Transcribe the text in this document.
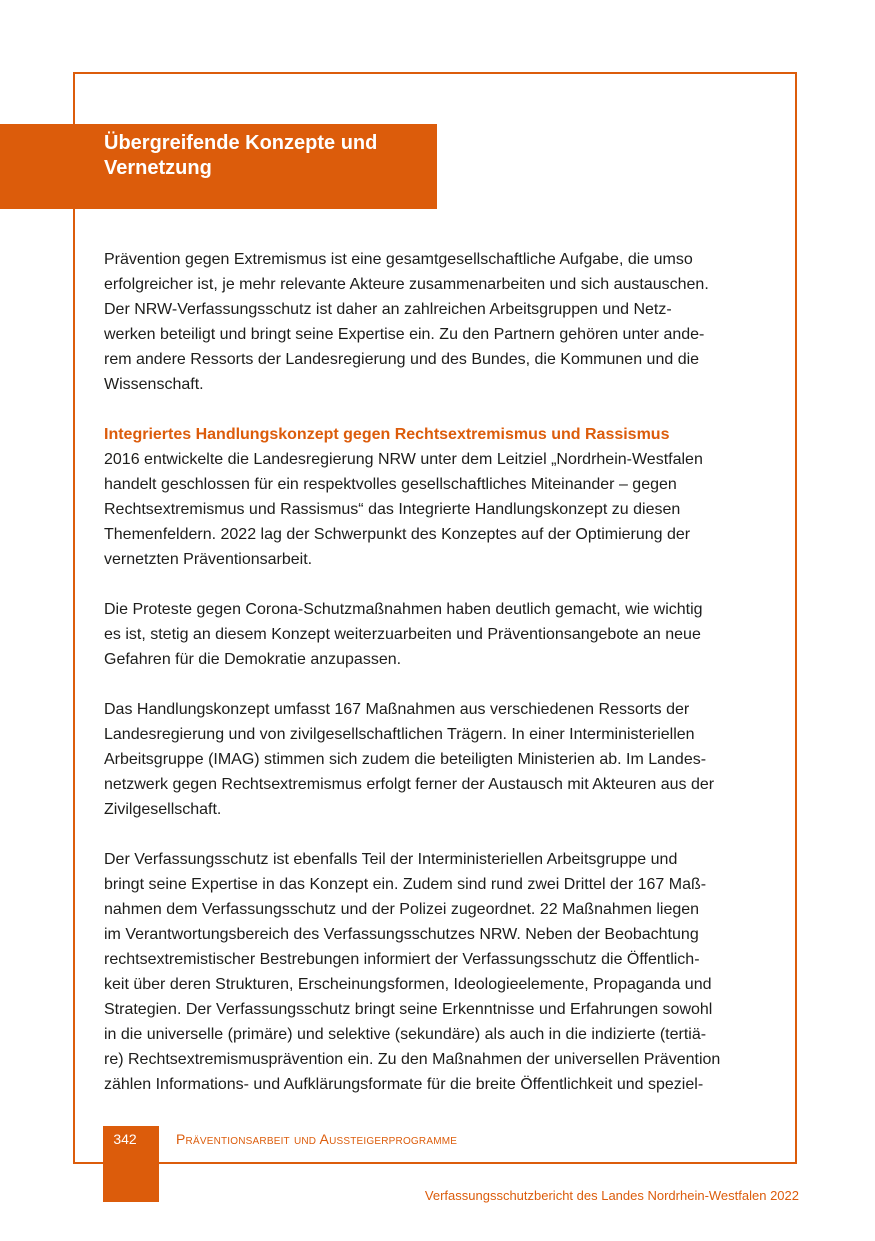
Übergreifende Konzepte und Vernetzung

Prävention gegen Extremismus ist eine gesamtgesellschaftliche Aufgabe, die umso
erfolgreicher ist, je mehr relevante Akteure zusammenarbeiten und sich austauschen.
Der NRW-Verfassungsschutz ist daher an zahlreichen Arbeitsgruppen und Netz-
werken beteiligt und bringt seine Expertise ein. Zu den Partnern gehören unter ande-
rem andere Ressorts der Landesregierung und des Bundes, die Kommunen und die
Wissenschaft.

Integriertes Handlungskonzept gegen Rechtsextremismus und Rassismus
2016 entwickelte die Landesregierung NRW unter dem Leitziel „Nordrhein-Westfalen
handelt geschlossen für ein respektvolles gesellschaftliches Miteinander – gegen
Rechtsextremismus und Rassismus“ das Integrierte Handlungskonzept zu diesen
Themenfeldern. 2022 lag der Schwerpunkt des Konzeptes auf der Optimierung der
vernetzten Präventionsarbeit.

Die Proteste gegen Corona-Schutzmaßnahmen haben deutlich gemacht, wie wichtig
es ist, stetig an diesem Konzept weiterzuarbeiten und Präventionsangebote an neue
Gefahren für die Demokratie anzupassen.

Das Handlungskonzept umfasst 167 Maßnahmen aus verschiedenen Ressorts der
Landesregierung und von zivilgesellschaftlichen Trägern. In einer Interministeriellen
Arbeitsgruppe (IMAG) stimmen sich zudem die beteiligten Ministerien ab. Im Landes-
netzwerk gegen Rechtsextremismus erfolgt ferner der Austausch mit Akteuren aus der
Zivilgesellschaft.

Der Verfassungsschutz ist ebenfalls Teil der Interministeriellen Arbeitsgruppe und
bringt seine Expertise in das Konzept ein. Zudem sind rund zwei Drittel der 167 Maß-
nahmen dem Verfassungsschutz und der Polizei zugeordnet. 22 Maßnahmen liegen
im Verantwortungsbereich des Verfassungsschutzes NRW. Neben der Beobachtung
rechtsextremistischer Bestrebungen informiert der Verfassungsschutz die Öffentlich-
keit über deren Strukturen, Erscheinungsformen, Ideologieelemente, Propaganda und
Strategien. Der Verfassungsschutz bringt seine Erkenntnisse und Erfahrungen sowohl
in die universelle (primäre) und selektive (sekundäre) als auch in die indizierte (tertiä-
re) Rechtsextremismusprävention ein. Zu den Maßnahmen der universellen Prävention
zählen Informations- und Aufklärungsformate für die breite Öffentlichkeit und speziel-

342	Präventionsarbeit und Aussteigerprogramme
Verfassungsschutzbericht des Landes Nordrhein-Westfalen 2022
